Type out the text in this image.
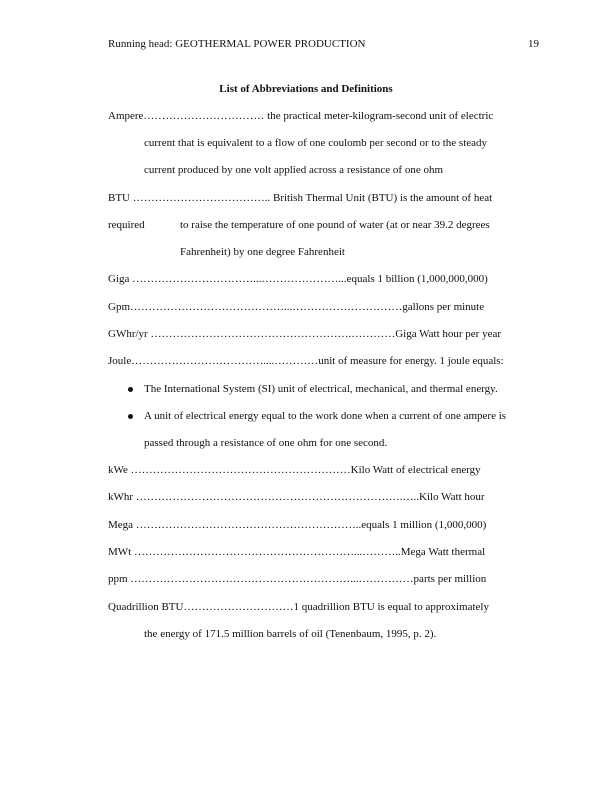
Running head: GEOTHERMAL POWER PRODUCTION	19
List of Abbreviations and Definitions
Ampere…………………………… the practical meter-kilogram-second unit of electric
current that is equivalent to a flow of one coulomb per second or to the steady
current produced by one volt applied across a resistance of one ohm
BTU ……………………………….. British Thermal Unit (BTU) is the amount of heat
required	to raise the temperature of one pound of water (at or near 39.2 degrees
Fahrenheit) by one degree Fahrenheit
Giga ……………………………...…………………...equals 1 billion (1,000,000,000)
Gpm……………………………………...…………………………gallons per minute
GWhr/yr ……………………………………………….…………Giga Watt hour per year
Joule………………………………....…………unit of measure for energy. 1 joule equals:
The International System (SI) unit of electrical, mechanical, and thermal energy.
A unit of electrical energy equal to the work done when a current of one ampere is
passed through a resistance of one ohm for one second.
kWe ……………………………………………………Kilo Watt of electrical energy
kWhr ……………………………………………………………….…..Kilo Watt hour
Mega ……………………………………………………..equals 1 million (1,000,000)
MWt ……………………………………………………...………..Mega Watt thermal
ppm ……………………………………………………...……………parts per million
Quadrillion BTU…………………………1 quadrillion BTU is equal to approximately
the energy of 171.5 million barrels of oil (Tenenbaum, 1995, p. 2).
